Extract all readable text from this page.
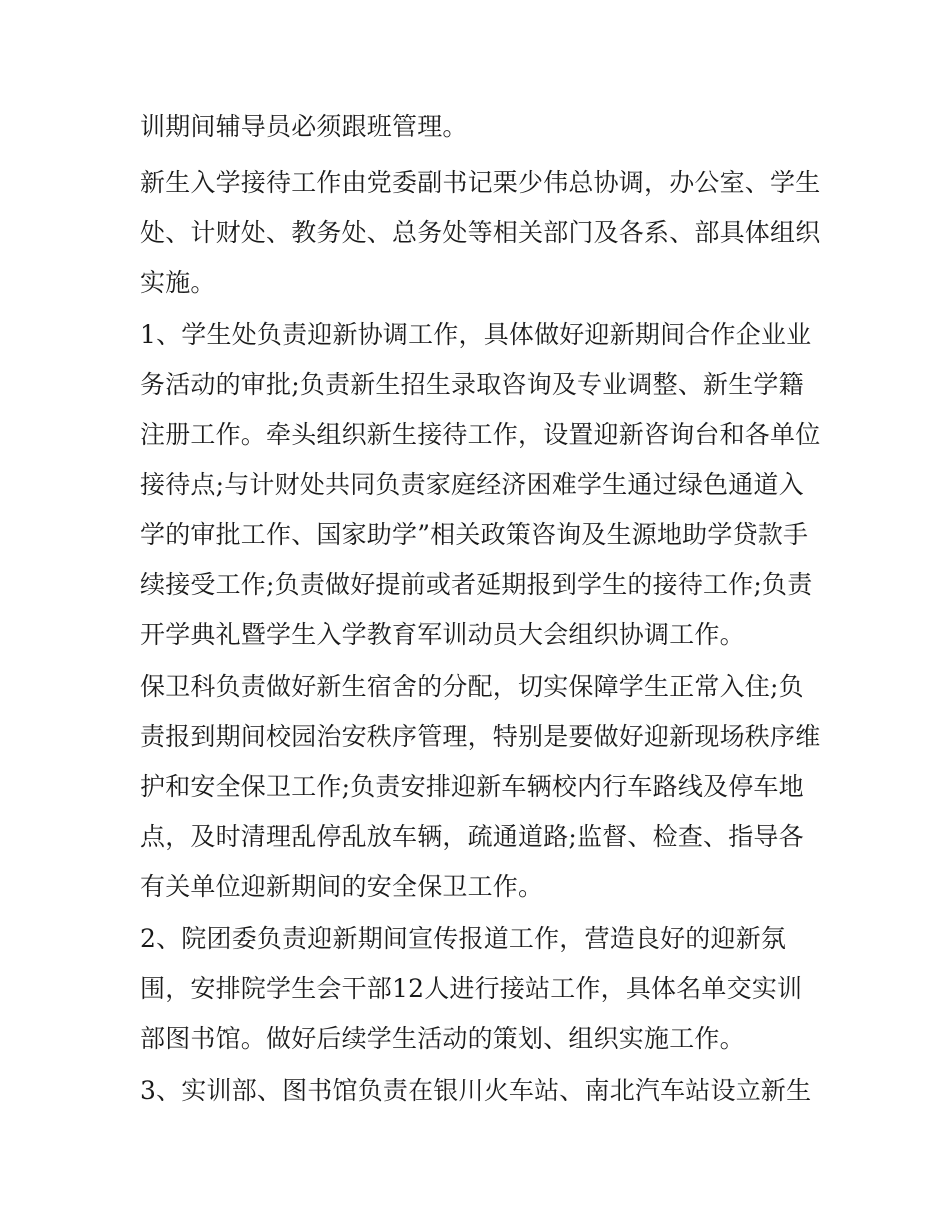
训期间辅导员必须跟班管理。
新生入学接待工作由党委副书记栗少伟总协调，办公室、学生
处、计财处、教务处、总务处等相关部门及各系、部具体组织
实施。
1、学生处负责迎新协调工作，具体做好迎新期间合作企业业
务活动的审批;负责新生招生录取咨询及专业调整、新生学籍
注册工作。牵头组织新生接待工作，设置迎新咨询台和各单位
接待点;与计财处共同负责家庭经济困难学生通过绿色通道入
学的审批工作、国家助学”相关政策咨询及生源地助学贷款手
续接受工作;负责做好提前或者延期报到学生的接待工作;负责
开学典礼暨学生入学教育军训动员大会组织协调工作。
保卫科负责做好新生宿舍的分配，切实保障学生正常入住;负
责报到期间校园治安秩序管理，特别是要做好迎新现场秩序维
护和安全保卫工作;负责安排迎新车辆校内行车路线及停车地
点，及时清理乱停乱放车辆，疏通道路;监督、检查、指导各
有关单位迎新期间的安全保卫工作。
2、院团委负责迎新期间宣传报道工作，营造良好的迎新氛
围，安排院学生会干部12人进行接站工作，具体名单交实训
部图书馆。做好后续学生活动的策划、组织实施工作。
3、实训部、图书馆负责在银川火车站、南北汽车站设立新生
